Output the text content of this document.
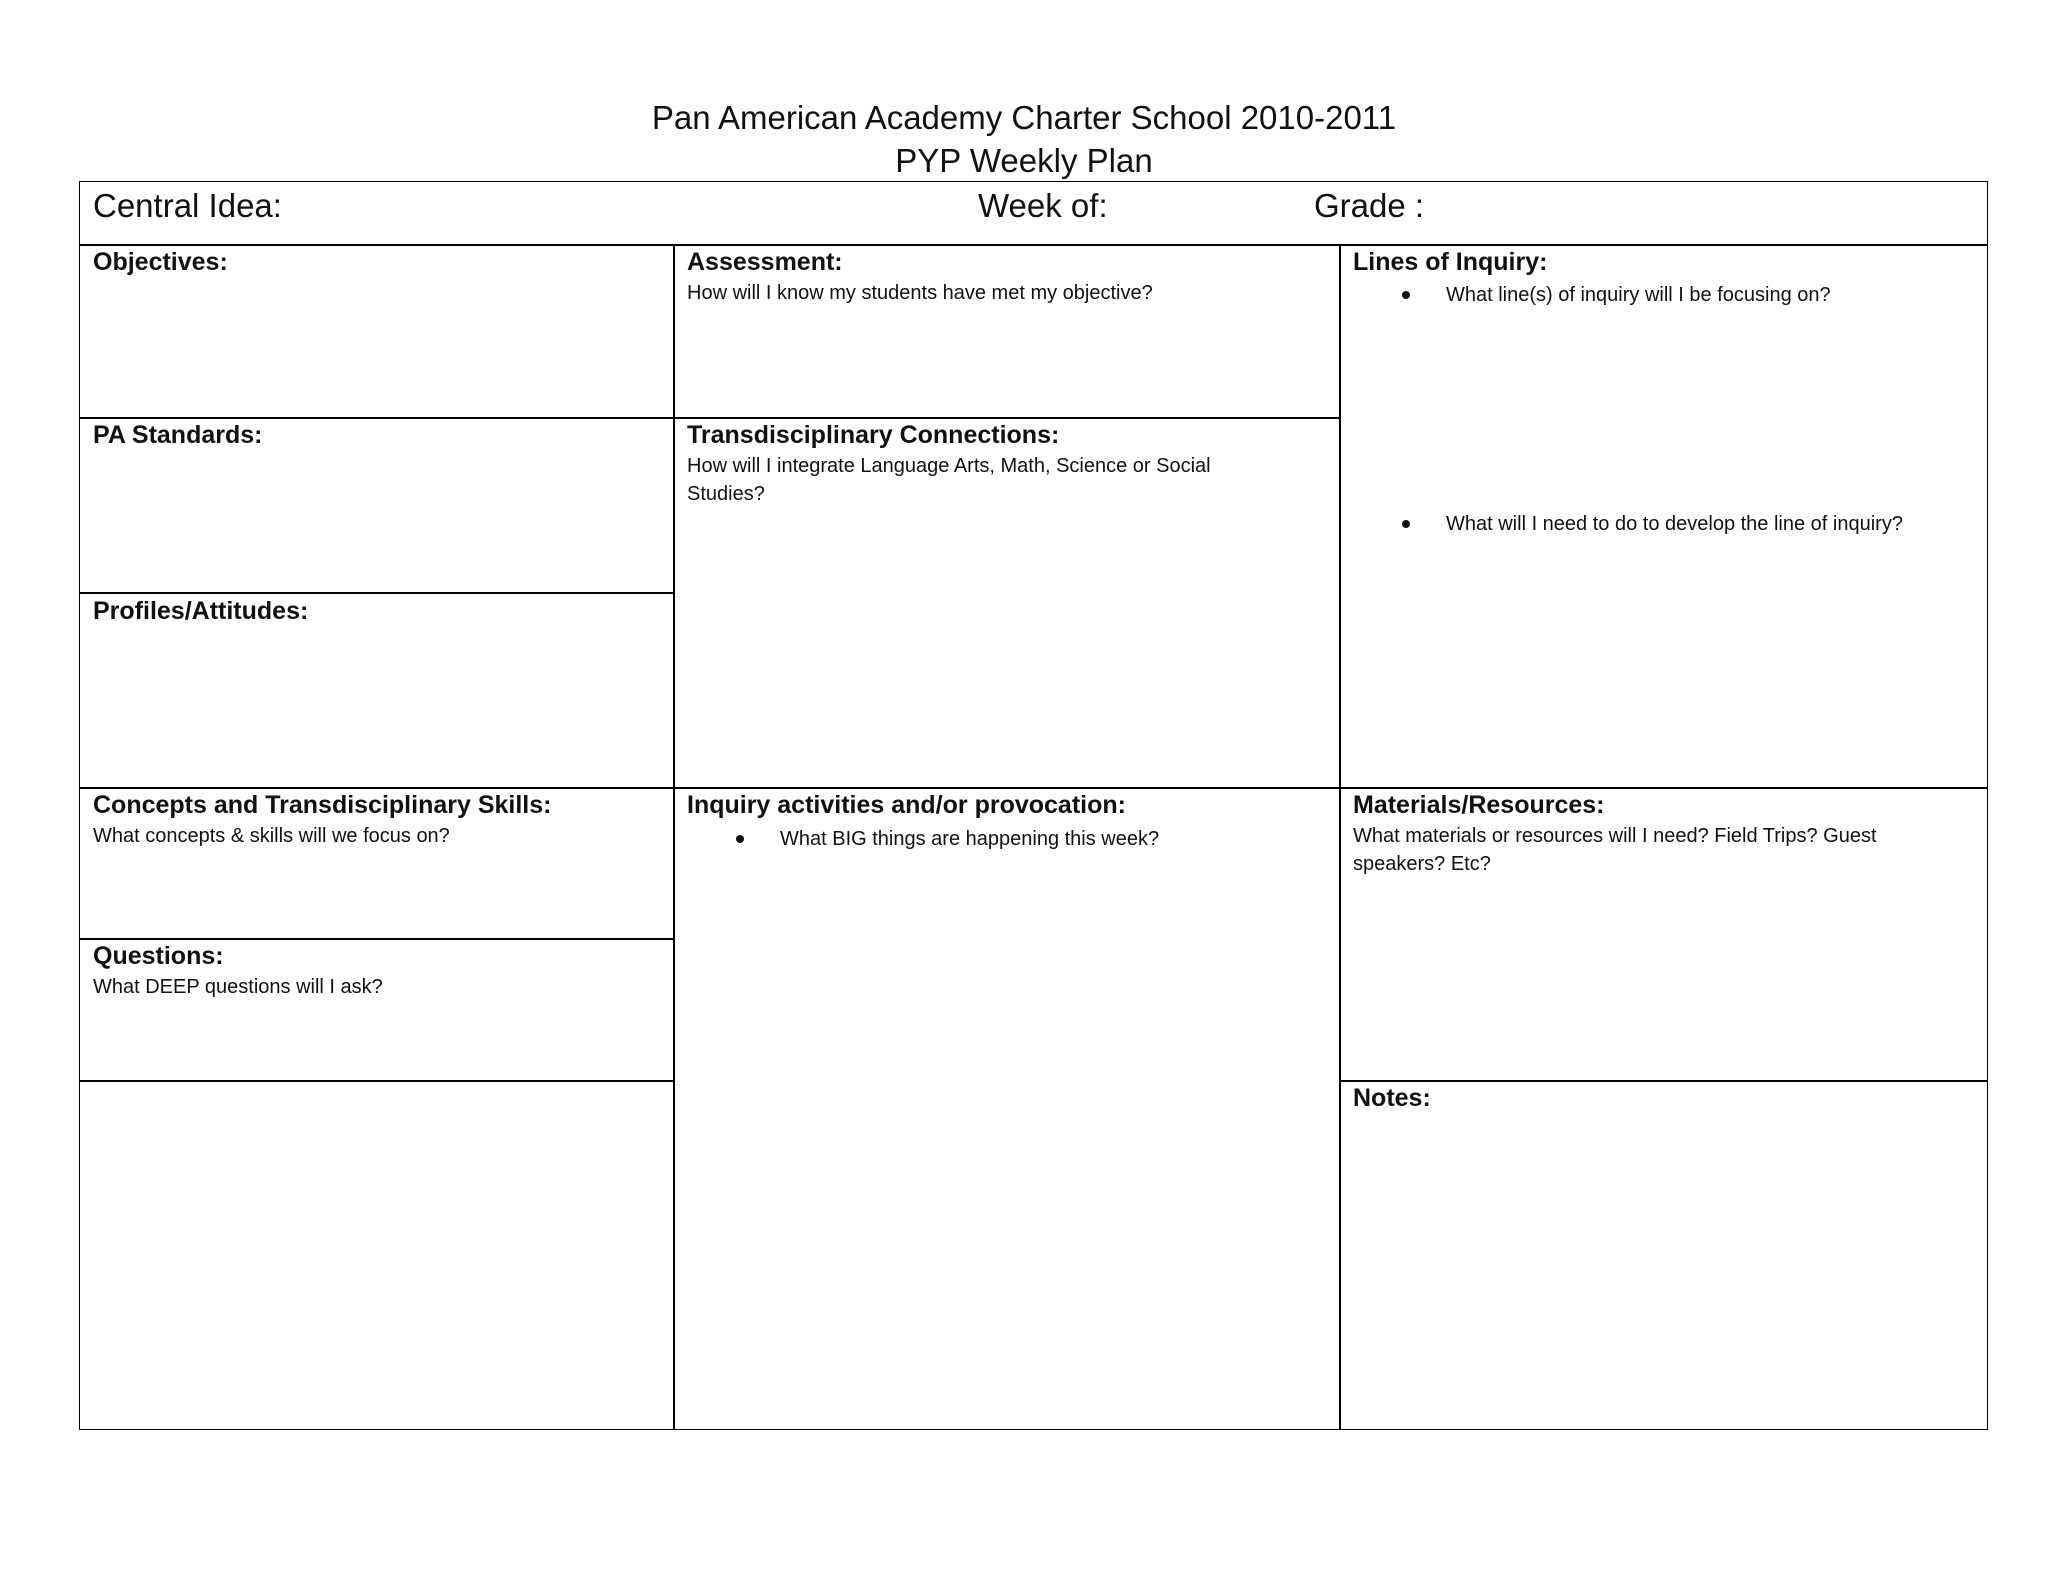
Pan American Academy Charter School 2010-2011
PYP Weekly Plan
Central Idea:	Week of:	Grade :

Objectives:	Assessment:

How will I know my students have met my objective?

Lines of Inquiry:

What line(s) of inquiry will I be focusing on?
What will I need to do to develop the line of inquiry?

PA Standards:	Transdisciplinary Connections:

How will I integrate Language Arts, Math, Science or Social Studies?

Profiles/Attitudes:

Concepts and Transdisciplinary Skills:

What concepts & skills will we focus on?

Inquiry activities and/or provocation:

What BIG things are happening this week?

Materials/Resources:

What materials or resources will I need? Field Trips? Guest speakers? Etc?

Questions:

What DEEP questions will I ask?

Notes:
